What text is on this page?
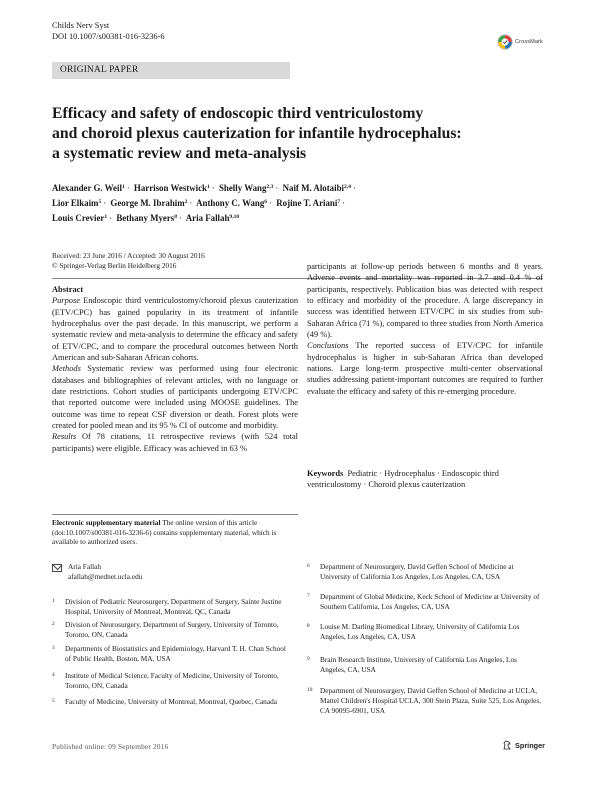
Childs Nerv Syst
DOI 10.1007/s00381-016-3236-6
CrossMark
ORIGINAL PAPER
Efficacy and safety of endoscopic third ventriculostomy
and choroid plexus cauterization for infantile hydrocephalus:
a systematic review and meta-analysis
Alexander G. Weil$^1$ · Harrison Westwick$^1$ · Shelly Wang$^{2,3}$ · Naif M. Alotaibi$^{2,4}$ ·
Lior Elkaim$^5$ · George M. Ibrahim$^2$ · Anthony C. Wang$^6$ · Rojine T. Ariani$^7$ ·
Louis Crevier$^1$ · Bethany Myers$^8$ · Aria Fallah$^{9,10}$
Received: 23 June 2016 / Accepted: 30 August 2016
© Springer-Verlag Berlin Heidelberg 2016

Abstract

Purpose Endoscopic third ventriculostomy/choroid plexus cauterization (ETV/CPC) has gained popularity in its treatment of infantile hydrocephalus over the past decade. In this manuscript, we perform a systematic review and meta-analysis to determine the efficacy and safety of ETV/CPC, and to compare the procedural outcomes between North American and sub-Saharan African cohorts.

Methods Systematic review was performed using four electronic databases and bibliographies of relevant articles, with no language or date restrictions. Cohort studies of participants undergoing ETV/CPC that reported outcome were included using MOOSE guidelines. The outcome was time to repeat CSF diversion or death. Forest plots were created for pooled mean and its 95 % CI of outcome and morbidity.

Results Of 78 citations, 11 retrospective reviews (with 524 total participants) were eligible. Efficacy was achieved in 63 %

participants at follow-up periods between 6 months and 8 years. Adverse events and mortality was reported in 3.7 and 0.4 % of participants, respectively. Publication bias was detected with respect to efficacy and morbidity of the procedure. A large discrepancy in success was identified between ETV/CPC in six studies from sub-Saharan Africa (71 %), compared to three studies from North America (49 %).

Conclusions The reported success of ETV/CPC for infantile hydrocephalus is higher in sub-Saharan Africa than developed nations. Large long-term prospective multi-center observational studies addressing patient-important outcomes are required to further evaluate the efficacy and safety of this re-emerging procedure.

Keywords Pediatric · Hydrocephalus · Endoscopic third ventriculostomy · Choroid plexus cauterization
Electronic supplementary material The online version of this article (doi:10.1007/s00381-016-3236-6) contains supplementary material, which is available to authorized users.
Aria Fallah
afallah@mednet.ucla.edu
1	Division of Pediatric Neurosurgery, Department of Surgery, Sainte Justine Hospital, University of Montreal, Montreal, QC, Canada
2	Division of Neurosurgery, Department of Surgery, University of Toronto, Toronto, ON, Canada
3	Departments of Biostatistics and Epidemiology, Harvard T. H. Chan School of Public Health, Boston, MA, USA
4	Institute of Medical Science, Faculty of Medicine, University of Toronto, Toronto, ON, Canada
5	Faculty of Medicine, University of Montreal, Montreal, Quebec, Canada
6	Department of Neurosurgery, David Geffen School of Medicine at University of California Los Angeles, Los Angeles, CA, USA
7	Department of Global Medicine, Keck School of Medicine at University of Southern California, Los Angeles, CA, USA
8	Louise M. Darling Biomedical Library, University of California Los Angeles, Los Angeles, CA, USA
9	Brain Research Institute, University of California Los Angeles, Los Angeles, CA, USA
10	Department of Neurosurgery, David Geffen School of Medicine at UCLA, Mattel Children's Hospital UCLA, 300 Stein Plaza, Suite 525, Los Angeles, CA 90095-6901, USA
Published online: 09 September 2016	Springer
